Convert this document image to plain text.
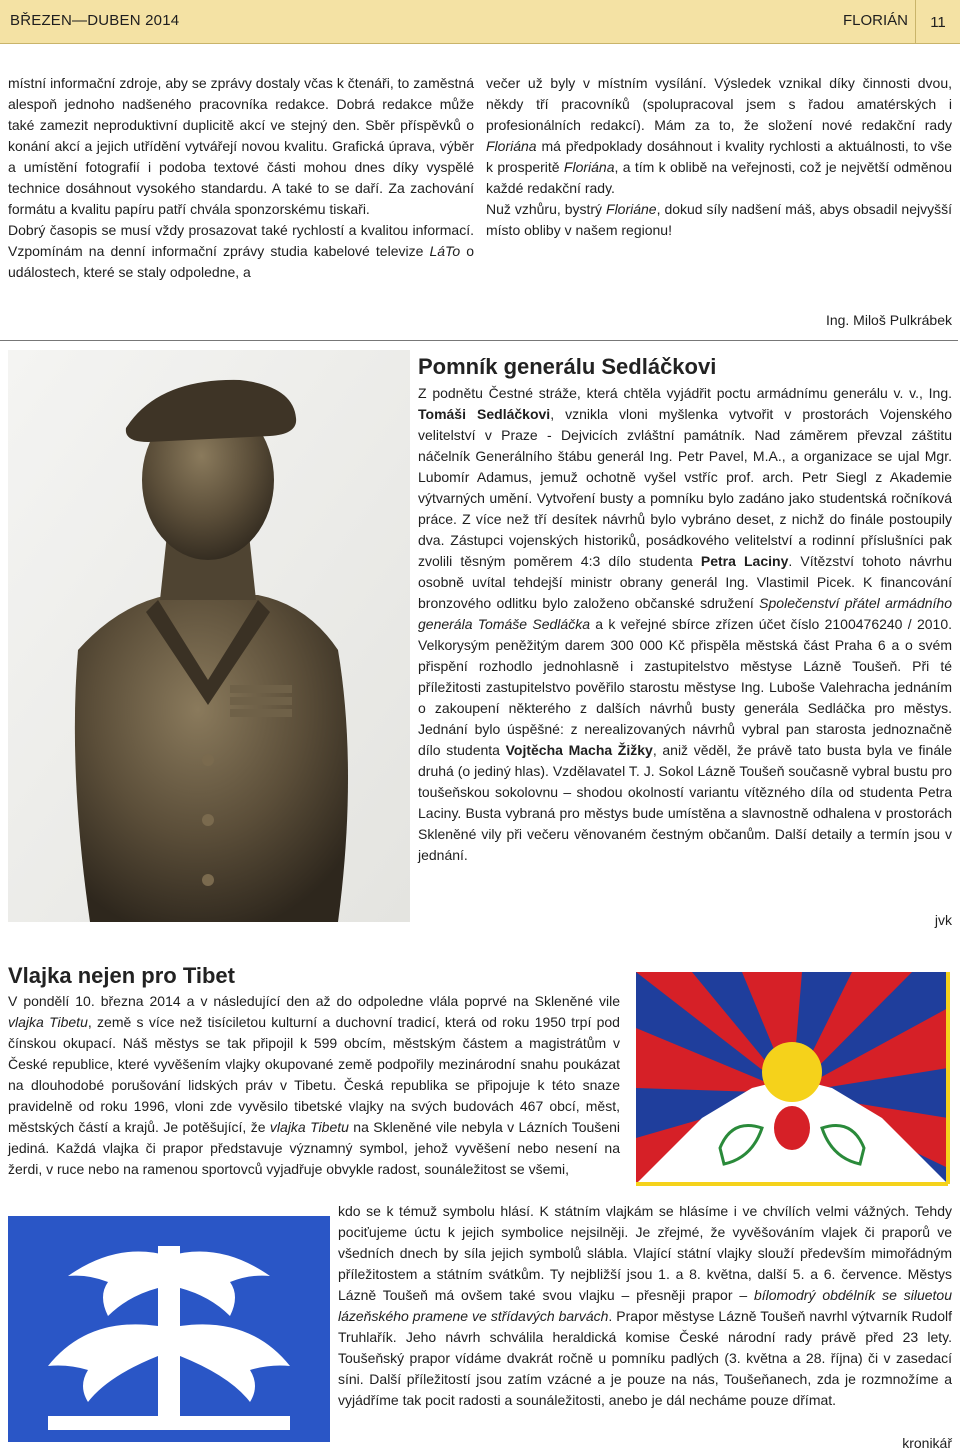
BŘEZEN—DUBEN 2014	FLORIÁN	11

místní informační zdroje, aby se zprávy dostaly včas k čtenáři, to zaměstná alespoň jednoho nadšeného pracovníka redakce. Dobrá redakce může také zamezit neproduktivní duplicitě akcí ve stejný den. Sběr příspěvků o konání akcí a jejich utřídění vytvářejí novou kvalitu. Grafická úprava, výběr a umístění fotografií i podoba textové části mohou dnes díky vyspělé technice dosáhnout vysokého standardu. A také to se daří. Za zachování formátu a kvalitu papíru patří chvála sponzorskému tiskaři.

Dobrý časopis se musí vždy prosazovat také rychlostí a kvalitou informací. Vzpomínám na denní informační zprávy studia kabelové televize LáTo o událostech, které se staly odpoledne, a

večer už byly v místním vysílání. Výsledek vznikal díky činnosti dvou, někdy tří pracovníků (spolupracoval jsem s řadou amatérských i profesionálních redakcí). Mám za to, že složení nové redakční rady Floriána má předpoklady dosáhnout i kvality rychlosti a aktuálnosti, to vše k prosperitě Floriána, a tím k oblibě na veřejnosti, což je největší odměnou každé redakční rady.

Nuž vzhůru, bystrý Floriáne, dokud síly nadšení máš, abys obsadil nejvyšší místo obliby v našem regionu!

Ing. Miloš Pulkrábek
Pomník generálu Sedláčkovi

Z podnětu Čestné stráže, která chtěla vyjádřit poctu armádnímu generálu v. v., Ing. Tomáši Sedláčkovi, vznikla vloni myšlenka vytvořit v prostorách Vojenského velitelství v Praze - Dejvicích zvláštní památník. Nad záměrem převzal záštitu náčelník Generálního štábu generál Ing. Petr Pavel, M.A., a organizace se ujal Mgr. Lubomír Adamus, jemuž ochotně vyšel vstříc prof. arch. Petr Siegl z Akademie výtvarných umění. Vytvoření busty a pomníku bylo zadáno jako studentská ročníková práce. Z více než tří desítek návrhů bylo vybráno deset, z nichž do finále postoupily dva. Zástupci vojenských historiků, posádkového velitelství a rodinní příslušníci pak zvolili těsným poměrem 4:3 dílo studenta Petra Laciny. Vítězství tohoto návrhu osobně uvítal tehdejší ministr obrany generál Ing. Vlastimil Picek. K financování bronzového odlitku bylo založeno občanské sdružení Společenství přátel armádního generála Tomáše Sedláčka a k veřejné sbírce zřízen účet číslo 2100476240 / 2010. Velkorysým peněžitým darem 300 000 Kč přispěla městská část Praha 6 a o svém přispění rozhodlo jednohlasně i zastupitelstvo městyse Lázně Toušeň. Při té příležitosti zastupitelstvo pověřilo starostu městyse Ing. Luboše Valehracha jednáním o zakoupení některého z dalších návrhů busty generála Sedláčka pro městys. Jednání bylo úspěšné: z nerealizovaných návrhů vybral pan starosta jednoznačně dílo studenta Vojtěcha Macha Žižky, aniž věděl, že právě tato busta byla ve finále druhá (o jediný hlas). Vzdělavatel T. J. Sokol Lázně Toušeň současně vybral bustu pro toušeňskou sokolovnu – shodou okolností variantu vítězného díla od studenta Petra Laciny. Busta vybraná pro městys bude umístěna a slavnostně odhalena v prostorách Skleněné vily při večeru věnovaném čestným občanům. Další detaily a termín jsou v jednání.

jvk
Vlajka nejen pro Tibet

V pondělí 10. března 2014 a v následující den až do odpoledne vlála poprvé na Skleněné vile vlajka Tibetu, země s více než tisíciletou kulturní a duchovní tradicí, která od roku 1950 trpí pod čínskou okupací. Náš městys se tak připojil k 599 obcím, městským částem a magistrátům v České republice, které vyvěšením vlajky okupované země podpořily mezinárodní snahu poukázat na dlouhodobé porušování lidských práv v Tibetu. Česká republika se připojuje k této snaze pravidelně od roku 1996, vloni zde vyvěsilo tibetské vlajky na svých budovách 467 obcí, měst, městských částí a krajů. Je potěšující, že vlajka Tibetu na Skleněné vile nebyla v Lázních Toušeni jediná. Každá vlajka či prapor představuje významný symbol, jehož vyvěšení nebo nesení na žerdi, v ruce nebo na ramenou sportovců vyjadřuje obvykle radost, sounáležitost se všemi,

kdo se k témuž symbolu hlásí. K státním vlajkám se hlásíme i ve chvílích velmi vážných. Tehdy pociťujeme úctu k jejich symbolice nejsilněji. Je zřejmé, že vyvěšováním vlajek či praporů ve všedních dnech by síla jejich symbolů slábla. Vlající státní vlajky slouží především mimořádným příležitostem a státním svátkům. Ty nejbližší jsou 1. a 8. května, další 5. a 6. července. Městys Lázně Toušeň má ovšem také svou vlajku – přesněji prapor – bílomodrý obdélník se siluetou lázeňského pramene ve střídavých barvách. Prapor městyse Lázně Toušeň navrhl výtvarník Rudolf Truhlařík. Jeho návrh schválila heraldická komise České národní rady právě před 23 lety. Toušeňský prapor vídáme dvakrát ročně u pomníku padlých (3. května a 28. října) či v zasedací síni. Další příležitostí jsou zatím vzácné a je pouze na nás, Toušeňanech, zda je rozmnožíme a vyjádříme tak pocit radosti a sounáležitosti, anebo je dál necháme pouze dřímat.

kronikář
